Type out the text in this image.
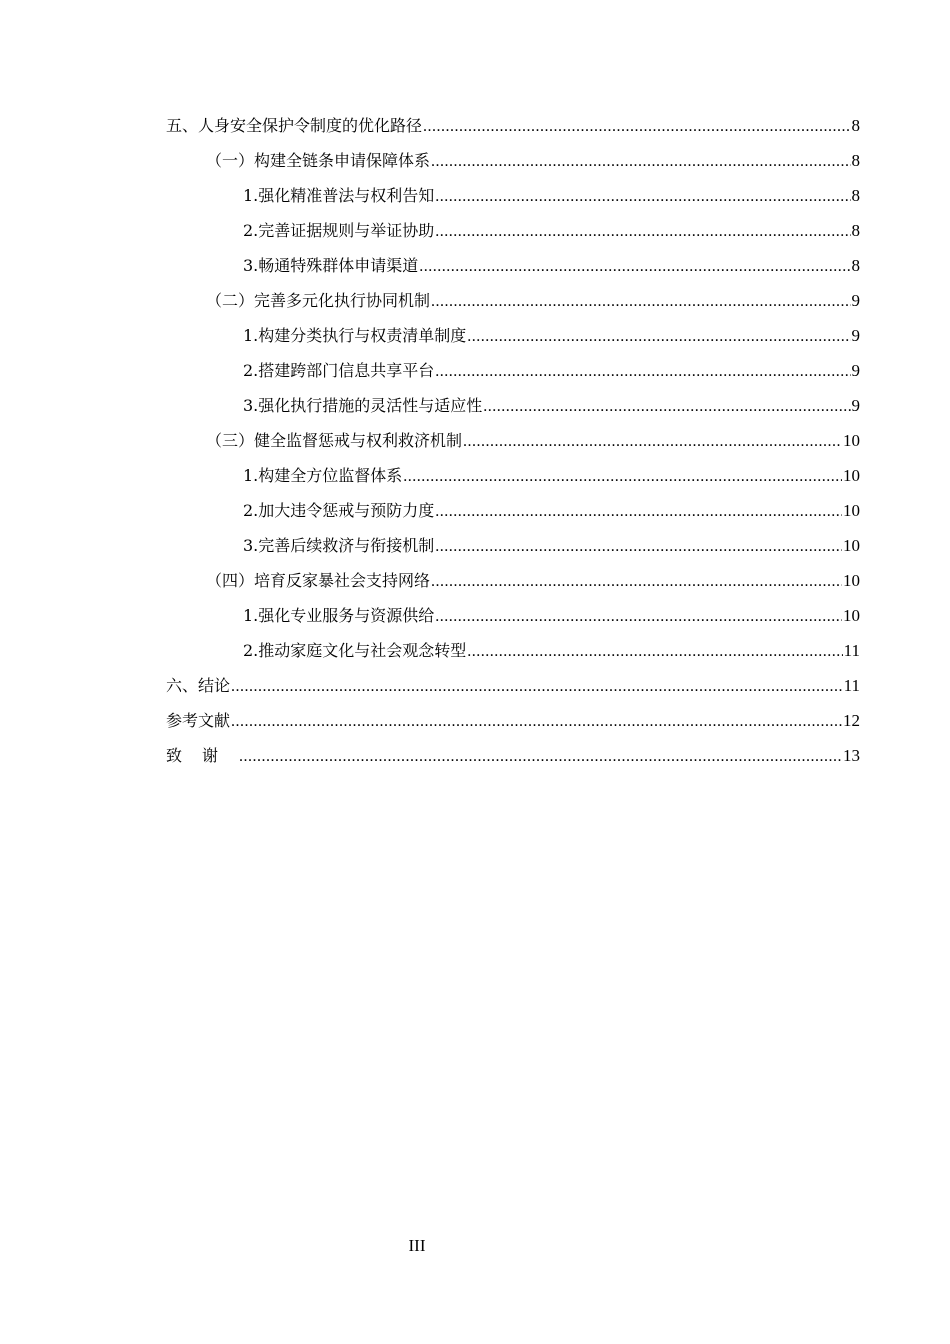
五、人身安全保护令制度的优化路径 .....	8
（一）构建全链条申请保障体系 .....	8
1.强化精准普法与权利告知 .....	8
2.完善证据规则与举证协助 .....	8
3.畅通特殊群体申请渠道 .....	8
（二）完善多元化执行协同机制 .....	9
1.构建分类执行与权责清单制度 .....	9
2.搭建跨部门信息共享平台 .....	9
3.强化执行措施的灵活性与适应性 .....	9
（三）健全监督惩戒与权利救济机制 .....	10
1.构建全方位监督体系 .....	10
2.加大违令惩戒与预防力度 .....	10
3.完善后续救济与衔接机制 .....	10
（四）培育反家暴社会支持网络 .....	10
1.强化专业服务与资源供给 .....	10
2.推动家庭文化与社会观念转型 .....	11
六、结论 .....	11
参考文献 .....	12
致谢 .....	13
III
